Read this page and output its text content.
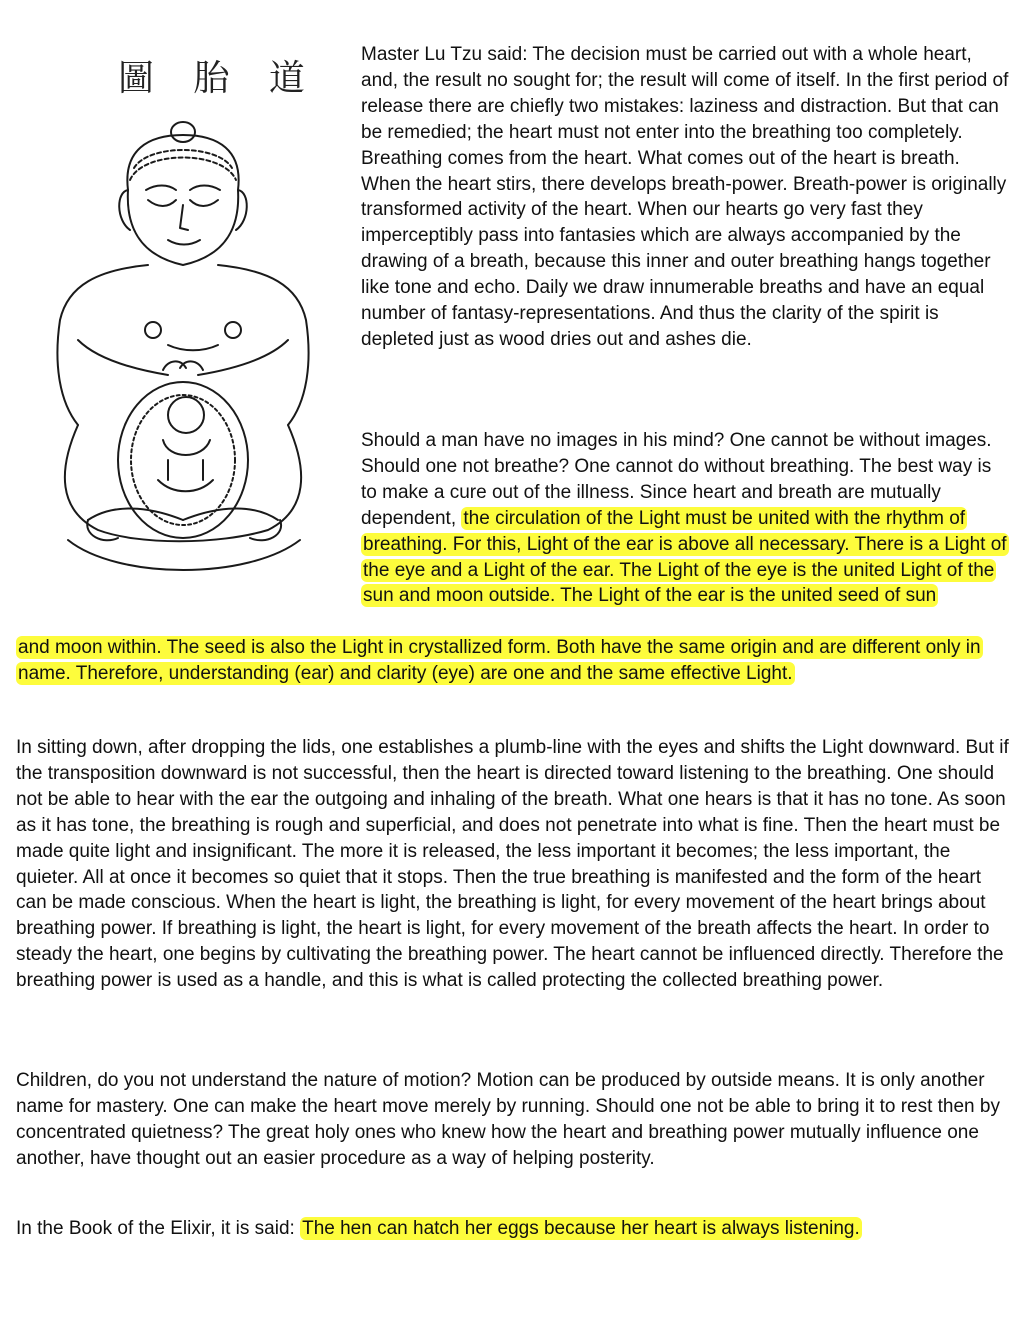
圖 胎 道

Master Lu Tzu said: The decision must be carried out with a whole heart, and, the result no sought for; the result will come of itself. In the first period of release there are chiefly two mistakes: laziness and distraction. But that can be remedied; the heart must not enter into the breathing too completely. Breathing comes from the heart. What comes out of the heart is breath. When the heart stirs, there develops breath-power. Breath-power is originally transformed activity of the heart. When our hearts go very fast they imperceptibly pass into fantasies which are always accompanied by the drawing of a breath, because this inner and outer breathing hangs together like tone and echo. Daily we draw innumerable breaths and have an equal number of fantasy-representations. And thus the clarity of the spirit is depleted just as wood dries out and ashes die.

Should a man have no images in his mind? One cannot be without images. Should one not breathe? One cannot do without breathing. The best way is to make a cure out of the illness. Since heart and breath are mutually dependent, the circulation of the Light must be united with the rhythm of breathing. For this, Light of the ear is above all necessary. There is a Light of the eye and a Light of the ear. The Light of the eye is the united Light of the sun and moon outside. The Light of the ear is the united seed of sun

and moon within. The seed is also the Light in crystallized form. Both have the same origin and are different only in name. Therefore, understanding (ear) and clarity (eye) are one and the same effective Light.

In sitting down, after dropping the lids, one establishes a plumb-line with the eyes and shifts the Light downward. But if the transposition downward is not successful, then the heart is directed toward listening to the breathing. One should not be able to hear with the ear the outgoing and inhaling of the breath. What one hears is that it has no tone. As soon as it has tone, the breathing is rough and superficial, and does not penetrate into what is fine. Then the heart must be made quite light and insignificant. The more it is released, the less important it becomes; the less important, the quieter. All at once it becomes so quiet that it stops. Then the true breathing is manifested and the form of the heart can be made conscious. When the heart is light, the breathing is light, for every movement of the heart brings about breathing power. If breathing is light, the heart is light, for every movement of the breath affects the heart. In order to steady the heart, one begins by cultivating the breathing power. The heart cannot be influenced directly. Therefore the breathing power is used as a handle, and this is what is called protecting the collected breathing power.

Children, do you not understand the nature of motion? Motion can be produced by outside means. It is only another name for mastery. One can make the heart move merely by running. Should one not be able to bring it to rest then by concentrated quietness? The great holy ones who knew how the heart and breathing power mutually influence one another, have thought out an easier procedure as a way of helping posterity.

In the Book of the Elixir, it is said: The hen can hatch her eggs because her heart is always listening.
